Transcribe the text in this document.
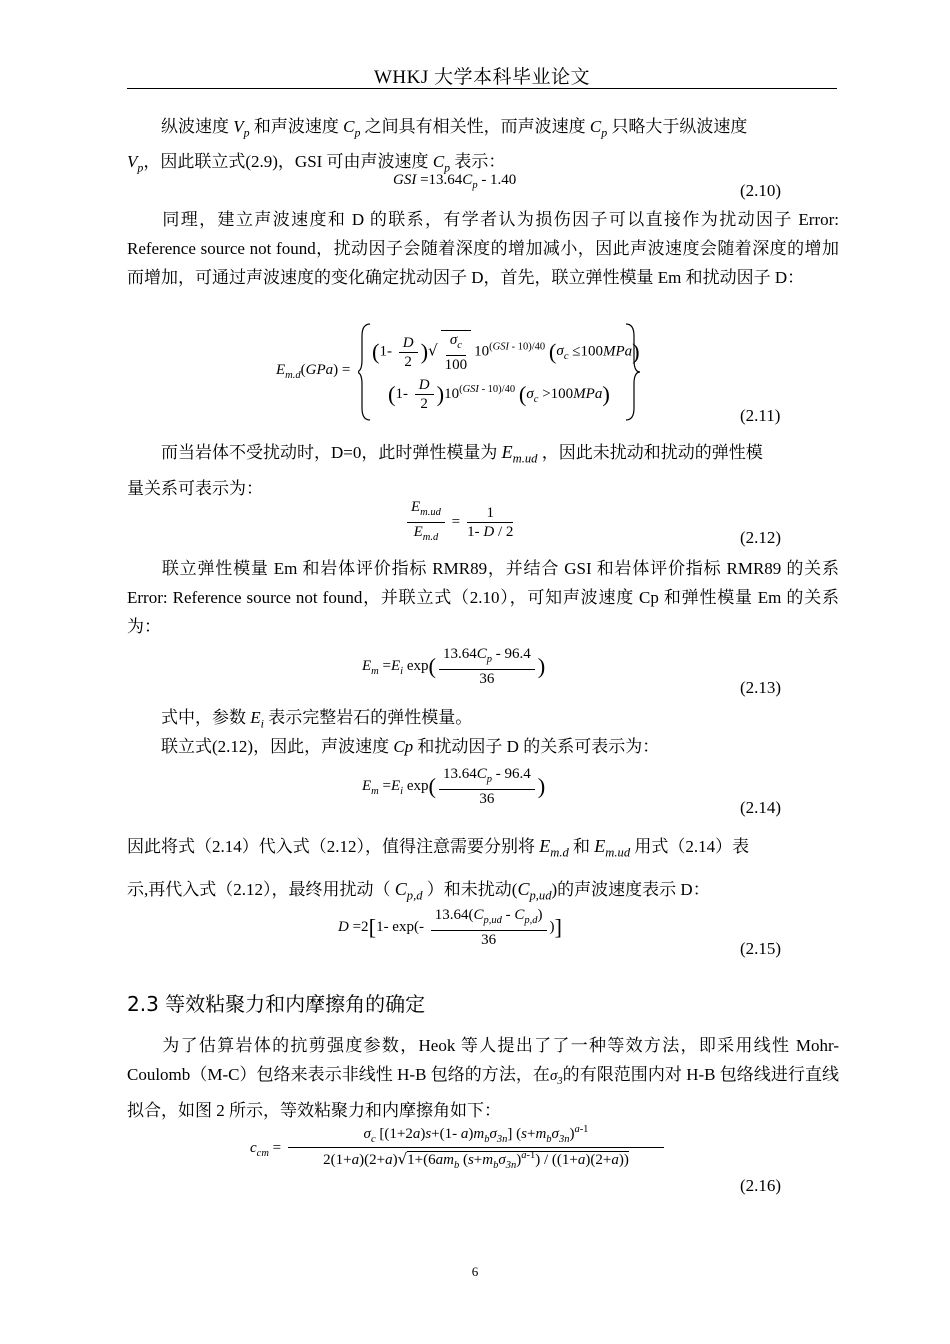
WHKJ 大学本科毕业论文
纵波速度 $V_p$ 和声波速度 $C_p$ 之间具有相关性，而声波速度 $C_p$ 只略大于纵波速度
$V_p$，因此联立式(2.9)，GSI 可由声波速度 $C_p$ 表示：
GSI $=13.64C_p - 1.40$
(2.10)
同理，建立声波速度和 D 的联系，有学者认为损伤因子可以直接作为扰动因子 Error: Reference source not found，扰动因子会随着深度的增加减小，因此声波速度会随着深度的增加而增加，可通过声波速度的变化确定扰动因子 D，首先，联立弹性模量 Em 和扰动因子 D：
$E_{m.d}(GPa)$ =
($1- \frac{D}{2}$ )√ $\frac{\sigma_c}{100} 10^{(GSI - 10)/40}$ $(\sigma_c \le 100MPa)$
$(1- \frac{D}{2} )10^{(GSI - 10)/40}$ $(\sigma_c >100MPa)$
(2.11)
而当岩体不受扰动时，D=0，此时弹性模量为 $E_{m.ud}$ ，因此未扰动和扰动的弹性模
量关系可表示为：
$\frac{E_{m.ud}}{E_{m.d}} = \frac{1}{1- D / 2}$	(2.12)
联立弹性模量 Em 和岩体评价指标 RMR89，并结合 GSI 和岩体评价指标 RMR89 的关系Error: Reference source not found，并联立式（2.10），可知声波速度 Cp 和弹性模量 Em 的关系为：
$E_m =E_i$ $\exp( \frac{13.64C_p - 96.4}{36}$ )
(2.13)
式中，参数 $E_i$ 表示完整岩石的弹性模量。
联立式(2.12)，因此，声波速度 Cp 和扰动因子 D 的关系可表示为：
$E_m =E_i$ $\exp( \frac{13.64C_p - 96.4}{36}$ )
(2.14)
因此将式（2.14）代入式（2.12），值得注意需要分别将 $E_{m.d}$ 和 $E_{m.ud}$ 用式（2.14）表
示,再代入式（2.12），最终用扰动（ $C_{p,d}$ ）和未扰动$(C_{p,ud})$的声波速度表示 D：
D =2[1- $\exp(- \frac{13.64(C_{p,ud} - C_{p,d})}{36}$ )]
(2.15)
2.3 等效粘聚力和内摩擦角的确定
为了估算岩体的抗剪强度参数，Heok 等人提出了了一种等效方法，即采用线性 Mohr-Coulomb（M-C）包络来表示非线性 H-B 包络的方法，在$\sigma_3$的有限范围内对 H-B 包络线进行直线拟合，如图 2 所示，等效粘聚力和内摩擦角如下：
$c_{cm}$ =
$\sigma_c$ [(1+2a)s+(1- $a)m_b\sigma_{3n}$] $(s+m_b\sigma_{3n})^{a-1}$
$2(1+a)(2+a)√1+(6am_b$ $(s+m_b\sigma_{3n})^{a-1}) / ((1+a)(2+a))$
(2.16)
6
